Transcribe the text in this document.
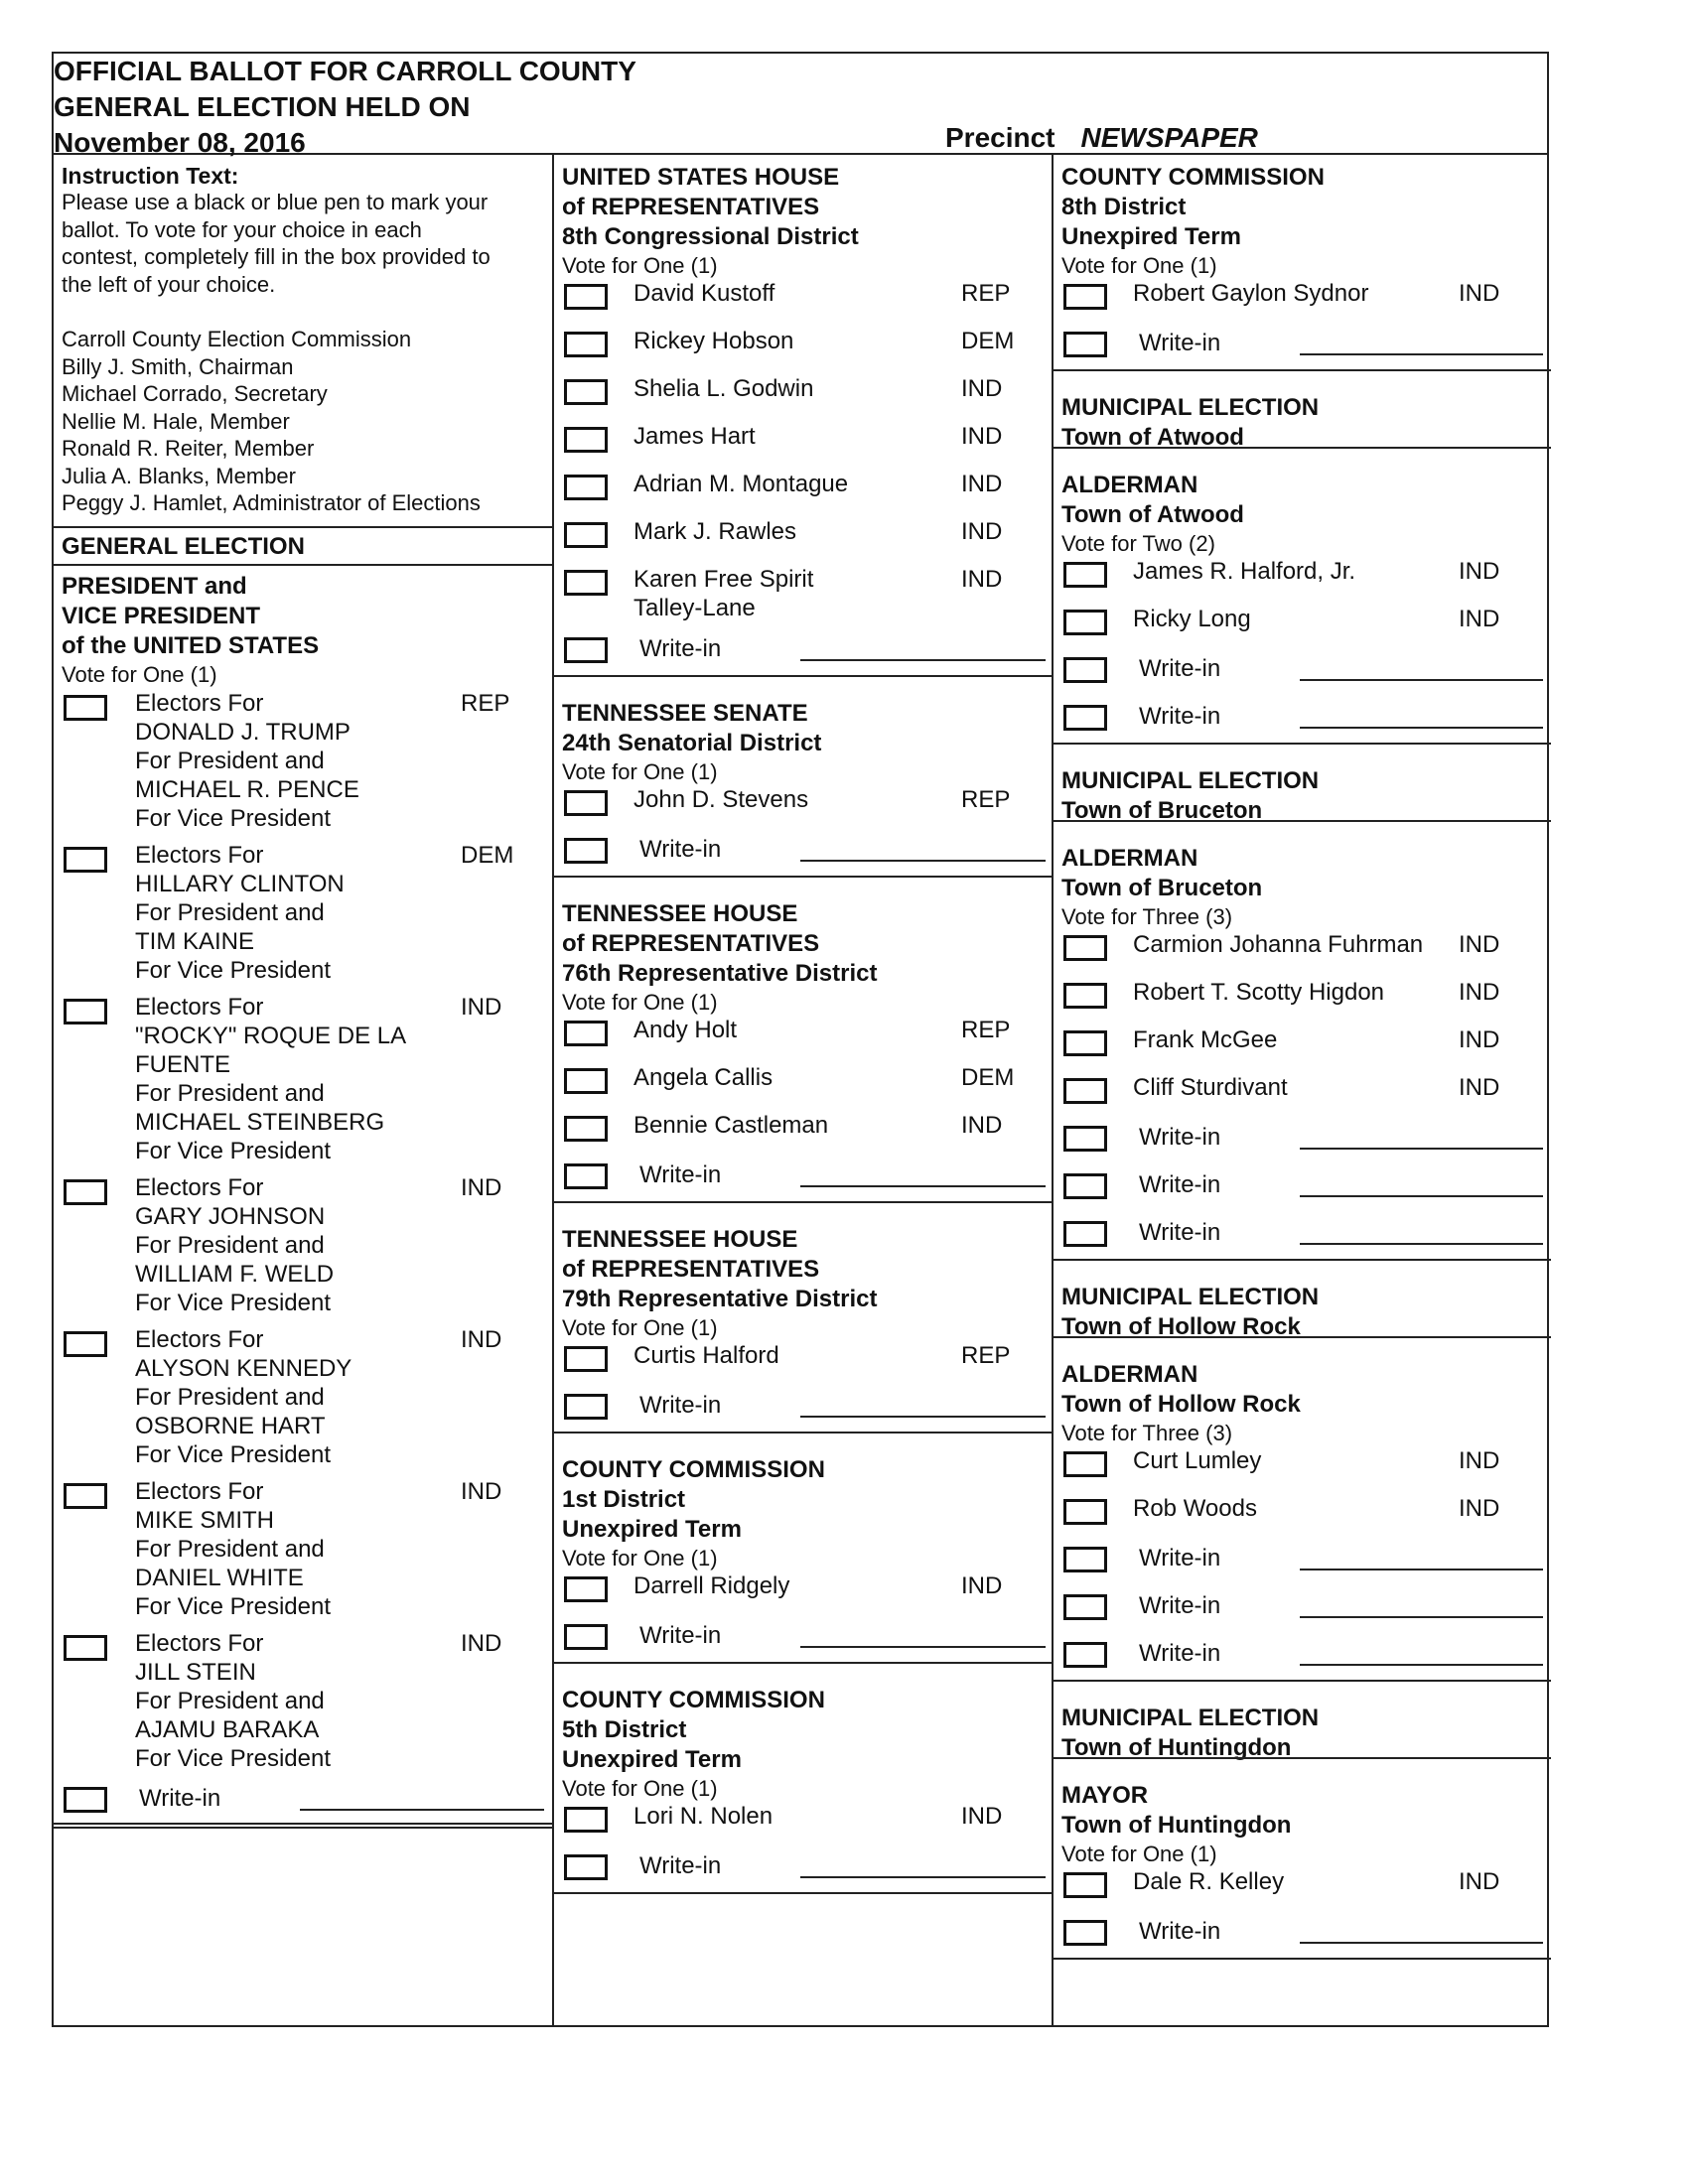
OFFICIAL BALLOT FOR CARROLL COUNTY
GENERAL ELECTION HELD ON
November 08, 2016	Precinct NEWSPAPER
Instruction Text:
Please use a black or blue pen to mark your
ballot. To vote for your choice in each
contest, completely fill in the box provided to
the left of your choice.
Carroll County Election Commission
Billy J. Smith, Chairman
Michael Corrado, Secretary
Nellie M. Hale, Member
Ronald R. Reiter, Member
Julia A. Blanks, Member
Peggy J. Hamlet, Administrator of Elections
GENERAL ELECTION
PRESIDENT and
VICE PRESIDENT
of the UNITED STATES
Vote for One (1)
Electors For
DONALD J. TRUMP
For President and
MICHAEL R. PENCE
For Vice President
REP
Electors For
HILLARY CLINTON
For President and
TIM KAINE
For Vice President
DEM
Electors For
"ROCKY" ROQUE DE LA
FUENTE
For President and
MICHAEL STEINBERG
For Vice President
IND
Electors For
GARY JOHNSON
For President and
WILLIAM F. WELD
For Vice President
IND
Electors For
ALYSON KENNEDY
For President and
OSBORNE HART
For Vice President
IND
Electors For
MIKE SMITH
For President and
DANIEL WHITE
For Vice President
IND
Electors For
JILL STEIN
For President and
AJAMU BARAKA
For Vice President
IND
Write-in
UNITED STATES HOUSE
of REPRESENTATIVES
8th Congressional District
Vote for One (1)
David Kustoff	REP
Rickey Hobson	DEM
Shelia L. Godwin	IND
James Hart	IND
Adrian M. Montague	IND
Mark J. Rawles	IND
Karen Free Spirit	IND
Talley-Lane
Write-in
TENNESSEE SENATE
24th Senatorial District
Vote for One (1)
John D. Stevens	REP
Write-in
TENNESSEE HOUSE
of REPRESENTATIVES
76th Representative District
Vote for One (1)
Andy Holt	REP
Angela Callis	DEM
Bennie Castleman	IND
Write-in
TENNESSEE HOUSE
of REPRESENTATIVES
79th Representative District
Vote for One (1)
Curtis Halford	REP
Write-in
COUNTY COMMISSION
1st District
Unexpired Term
Vote for One (1)
Darrell Ridgely	IND
Write-in
COUNTY COMMISSION
5th District
Unexpired Term
Vote for One (1)
Lori N. Nolen	IND
Write-in
COUNTY COMMISSION
8th District
Unexpired Term
Vote for One (1)
Robert Gaylon Sydnor	IND
Write-in
MUNICIPAL ELECTION
Town of Atwood
ALDERMAN
Town of Atwood
Vote for Two (2)
James R. Halford, Jr.	IND
Ricky Long	IND
Write-in
Write-in
MUNICIPAL ELECTION
Town of Bruceton
ALDERMAN
Town of Bruceton
Vote for Three (3)
Carmion Johanna Fuhrman IND
Robert T. Scotty Higdon	IND
Frank McGee	IND
Cliff Sturdivant	IND
Write-in
Write-in
Write-in
MUNICIPAL ELECTION
Town of Hollow Rock
ALDERMAN
Town of Hollow Rock
Vote for Three (3)
Curt Lumley	IND
Rob Woods	IND
Write-in
Write-in
Write-in
MUNICIPAL ELECTION
Town of Huntingdon
MAYOR
Town of Huntingdon
Vote for One (1)
Dale R. Kelley	IND
Write-in
